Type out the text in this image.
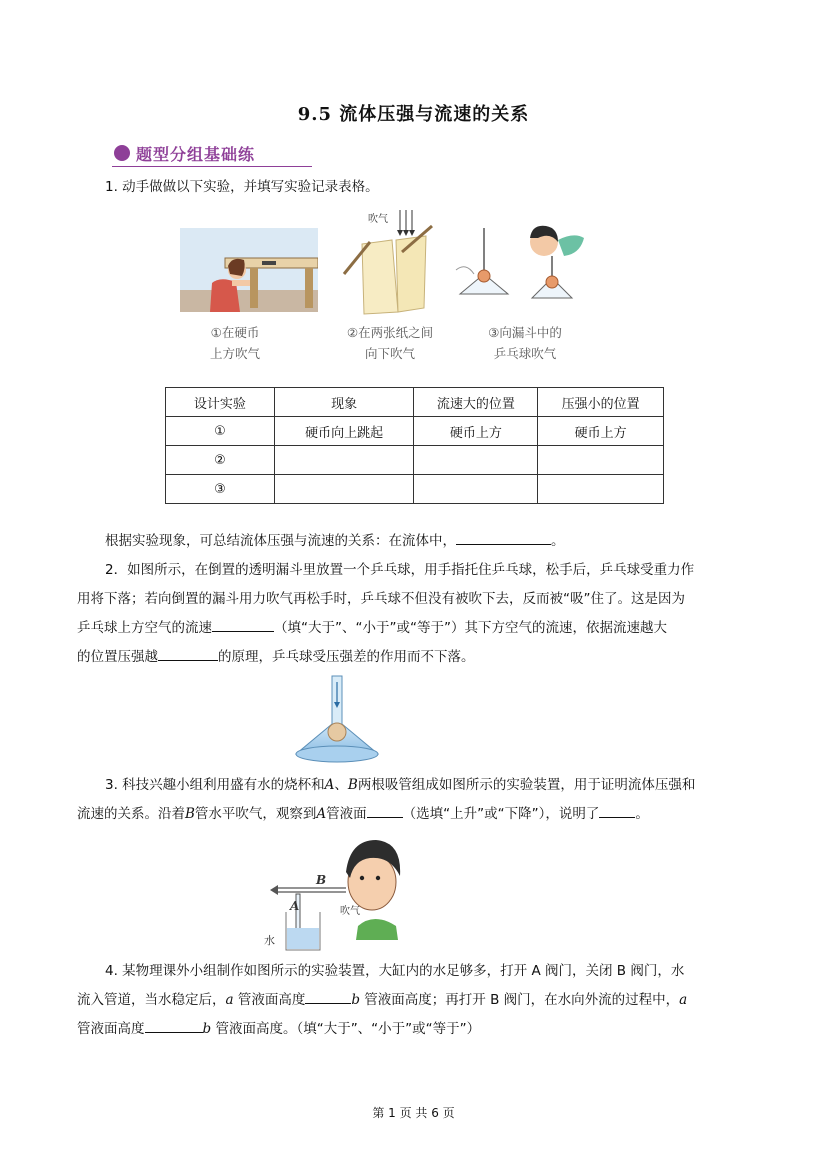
9.5 流体压强与流速的关系
题型分组基础练
1. 动手做做以下实验，并填写实验记录表格。
吹气
①在硬币
上方吹气
②在两张纸之间
向下吹气
③向漏斗中的
乒乓球吹气
设计实验	现象	流速大的位置	压强小的位置
①	硬币向上跳起	硬币上方	硬币上方
②			
③			
根据实验现象，可总结流体压强与流速的关系：在流体中，	。
2．如图所示，在倒置的透明漏斗里放置一个乒乓球，用手指托住乒乓球，松手后，乒乓球受重力作
用将下落；若向倒置的漏斗用力吹气再松手时，乒乓球不但没有被吹下去，反而被“吸”住了。这是因为
乒乓球上方空气的流速	（填“大于”、“小于”或“等于”）其下方空气的流速，依据流速越大
的位置压强越	的原理，乒乓球受压强差的作用而不下落。
3. 科技兴趣小组利用盛有水的烧杯和A、B两根吸管组成如图所示的实验装置，用于证明流体压强和
流速的关系。沿着B管水平吹气，观察到A管液面	（选填“上升”或“下降”），说明了	。
B
A	吹气
水
4. 某物理课外小组制作如图所示的实验装置，大缸内的水足够多，打开 A 阀门，关闭 B 阀门，水
流入管道，当水稳定后，a 管液面高度	b 管液面高度；再打开 B 阀门，在水向外流的过程中，a
管液面高度	b 管液面高度。（填“大于”、“小于”或“等于”）
第 1 页 共 6 页
